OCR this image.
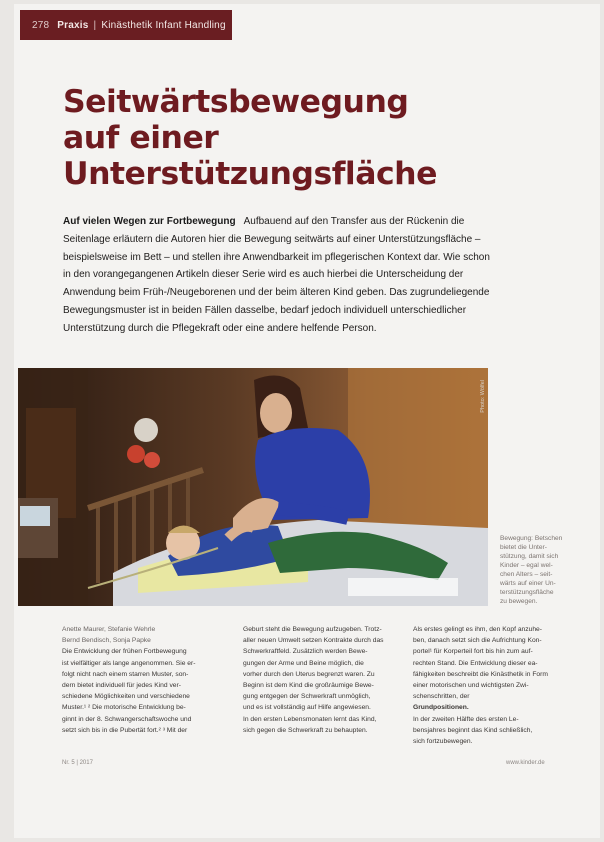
278 Praxis | Kinästhetik Infant Handling
Seitwärtsbewegung
auf einer
Unterstützungsfläche
Auf vielen Wegen zur Fortbewegung Aufbauend auf den Transfer aus der Rückenin die Seitenlage erläutern die Autoren hier die Bewegung seitwärts auf einer Unterstützungsfläche – beispielsweise im Bett – und stellen ihre Anwendbarkeit im pflegerischen Kontext dar. Wie schon in den vorangegangenen Artikeln dieser Serie wird es auch hierbei die Unterscheidung der Anwendung beim Früh-/Neugeborenen und der beim älteren Kind geben. Das zugrundeliegende Bewegungsmuster ist in beiden Fällen dasselbe, bedarf jedoch individuell unterschiedlicher Unterstützung durch die Pflegekraft oder eine andere helfende Person.
Photo: Wölfel
Bewegung: Betschen
bietet die Unter-
stützung, damit sich
Kinder – egal wel-
chen Alters – seit-
wärts auf einer Un-
terstützungsfläche
zu bewegen.
Anette Maurer, Stefanie Wehrle
Bernd Bendisch, Sonja Papke
Die Entwicklung der frühen Fortbewegung
ist vielfältiger als lange angenommen. Sie er-
folgt nicht nach einem starren Muster, son-
dern bietet individuell für jedes Kind ver-
schiedene Möglichkeiten und verschiedene
Muster.¹ ² Die motorische Entwicklung be-
ginnt in der 8. Schwangerschaftswoche und
setzt sich bis in die Pubertät fort.² ³ Mit der
Geburt steht die Bewegung aufzugeben. Trotz-
aller neuen Umwelt setzen Kontrakte durch das
Schwerkraftfeld. Zusätzlich werden Bewe-
gungen der Arme und Beine möglich, die
vorher durch den Uterus begrenzt waren. Zu
Beginn ist dem Kind die großräumige Bewe-
gung entgegen der Schwerkraft unmöglich,
und es ist vollständig auf Hilfe angewiesen.
In den ersten Lebensmonaten lernt das Kind,
sich gegen die Schwerkraft zu behaupten.
Als erstes gelingt es ihm, den Kopf anzuhe-
ben, danach setzt sich die Aufrichtung Kon-
portel¹ für Korperteil fort bis hin zum auf-
rechten Stand. Die Entwicklung dieser ea-
fähigkeiten beschreibt die Kinästhetik in Form
einer motorischen und wichtigsten Zwi-
schenschritten, der
Grundpositionen.
In der zweiten Hälfte des ersten Le-
bensjahres beginnt das Kind schließlich,
sich fortzubewegen.
Nr. 5 | 2017	www.kinder.de
